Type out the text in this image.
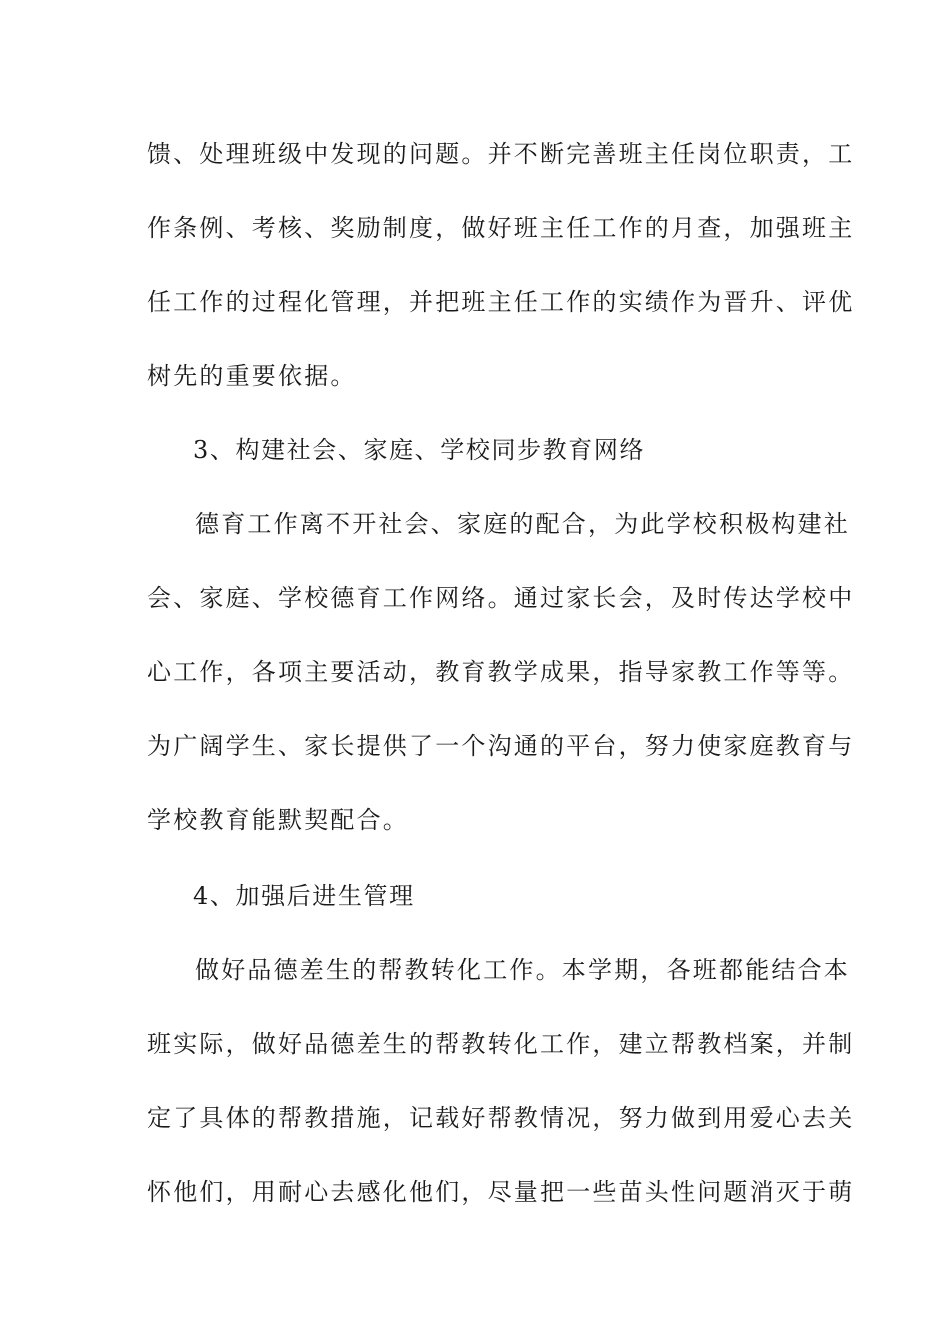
馈、处理班级中发现的问题。并不断完善班主任岗位职责，工
作条例、考核、奖励制度，做好班主任工作的月查，加强班主
任工作的过程化管理，并把班主任工作的实绩作为晋升、评优
树先的重要依据。
3、构建社会、家庭、学校同步教育网络
德育工作离不开社会、家庭的配合，为此学校积极构建社
会、家庭、学校德育工作网络。通过家长会，及时传达学校中
心工作，各项主要活动，教育教学成果，指导家教工作等等。
为广阔学生、家长提供了一个沟通的平台，努力使家庭教育与
学校教育能默契配合。
4、加强后进生管理
做好品德差生的帮教转化工作。本学期，各班都能结合本
班实际，做好品德差生的帮教转化工作，建立帮教档案，并制
定了具体的帮教措施，记载好帮教情况，努力做到用爱心去关
怀他们，用耐心去感化他们，尽量把一些苗头性问题消灭于萌
